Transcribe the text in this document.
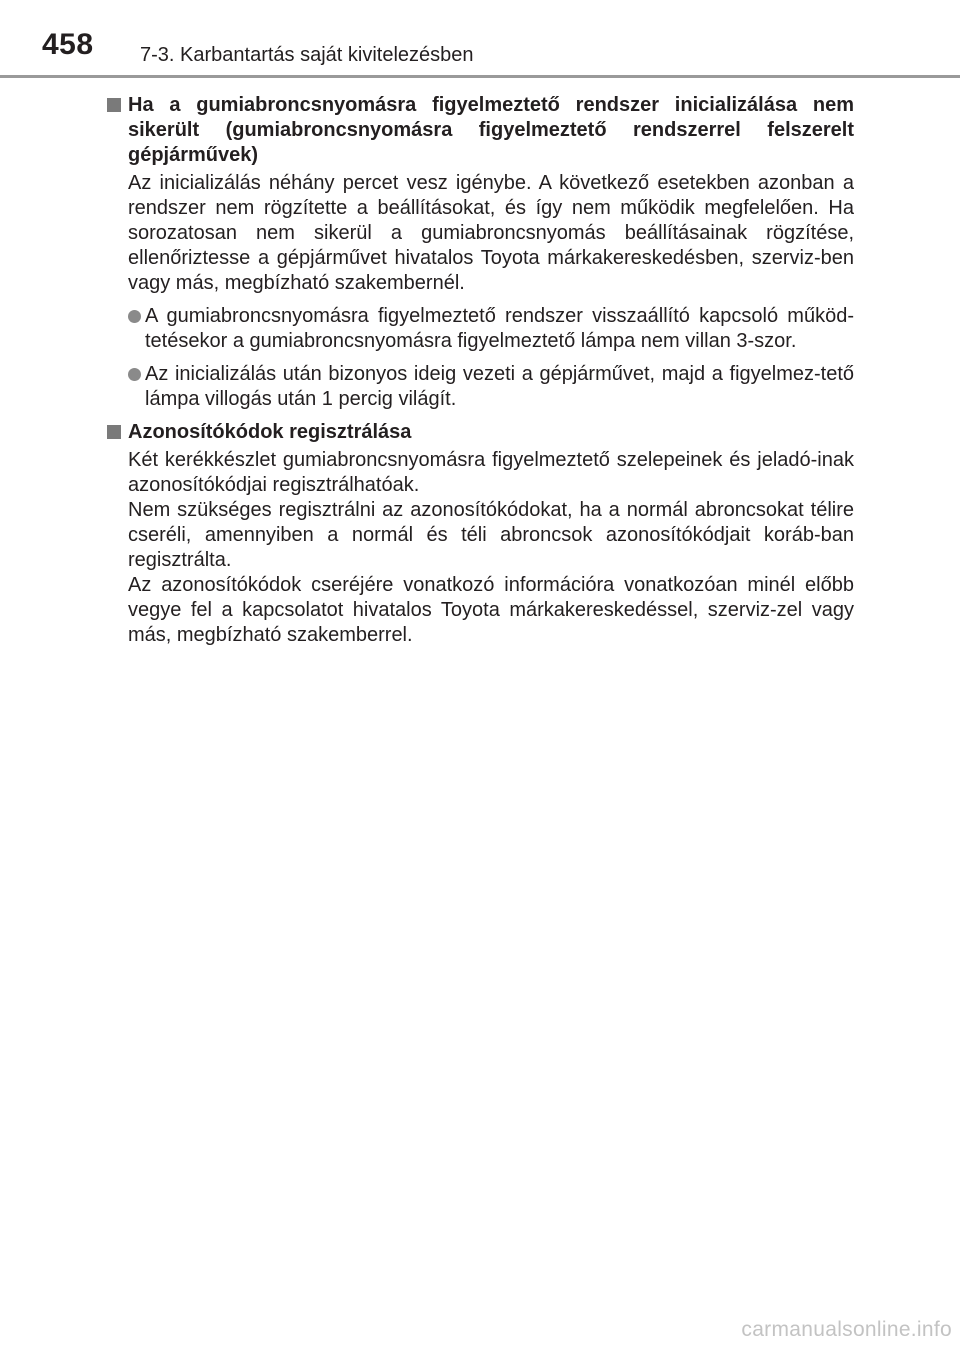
458 7-3. Karbantartás saját kivitelezésben
Ha a gumiabroncsnyomásra figyelmeztető rendszer inicializálása nem sikerült (gumiabroncsnyomásra figyelmeztető rendszerrel felszerelt gépjárművek)
Az inicializálás néhány percet vesz igénybe. A következő esetekben azonban a rendszer nem rögzítette a beállításokat, és így nem működik megfelelően. Ha sorozatosan nem sikerül a gumiabroncsnyomás beállításainak rögzítése, ellenőriztesse a gépjárművet hivatalos Toyota márkakereskedésben, szerviz-ben vagy más, megbízható szakembernél.
A gumiabroncsnyomásra figyelmeztető rendszer visszaállító kapcsoló működ-tetésekor a gumiabroncsnyomásra figyelmeztető lámpa nem villan 3-szor.
Az inicializálás után bizonyos ideig vezeti a gépjárművet, majd a figyelmez-tető lámpa villogás után 1 percig világít.
Azonosítókódok regisztrálása
Két kerékkészlet gumiabroncsnyomásra figyelmeztető szelepeinek és jeladó-inak azonosítókódjai regisztrálhatóak.
Nem szükséges regisztrálni az azonosítókódokat, ha a normál abroncsokat télire cseréli, amennyiben a normál és téli abroncsok azonosítókódjait koráb-ban regisztrálta.
Az azonosítókódok cseréjére vonatkozó információra vonatkozóan minél előbb vegye fel a kapcsolatot hivatalos Toyota márkakereskedéssel, szerviz-zel vagy más, megbízható szakemberrel.
carmanualsonline.info
